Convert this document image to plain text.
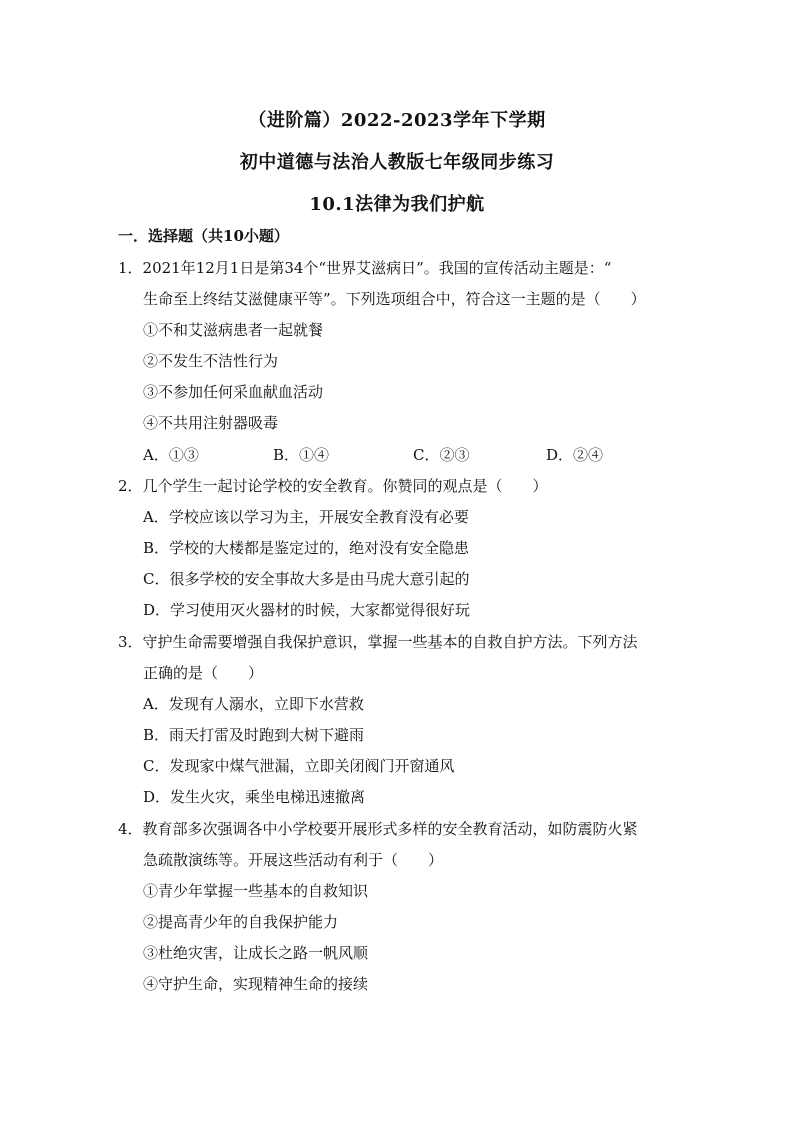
（进阶篇）2022-2023学年下学期
初中道德与法治人教版七年级同步练习
10.1法律为我们护航
一．选择题（共10小题）
1．2021年12月1日是第34个“世界艾滋病日”。我国的宣传活动主题是：“
生命至上终结艾滋健康平等”。下列选项组合中，符合这一主题的是（　　）
①不和艾滋病患者一起就餐
②不发生不洁性行为
③不参加任何采血献血活动
④不共用注射器吸毒
A．①③	B．①④	C．②③	D．②④
2．几个学生一起讨论学校的安全教育。你赞同的观点是（　　）
A．学校应该以学习为主，开展安全教育没有必要
B．学校的大楼都是鉴定过的，绝对没有安全隐患
C．很多学校的安全事故大多是由马虎大意引起的
D．学习使用灭火器材的时候，大家都觉得很好玩
3．守护生命需要增强自我保护意识，掌握一些基本的自救自护方法。下列方法
正确的是（　　）
A．发现有人溺水，立即下水营救
B．雨天打雷及时跑到大树下避雨
C．发现家中煤气泄漏，立即关闭阀门开窗通风
D．发生火灾，乘坐电梯迅速撤离
4．教育部多次强调各中小学校要开展形式多样的安全教育活动，如防震防火紧
急疏散演练等。开展这些活动有利于（　　）
①青少年掌握一些基本的自救知识
②提高青少年的自我保护能力
③杜绝灾害，让成长之路一帆风顺
④守护生命，实现精神生命的接续
